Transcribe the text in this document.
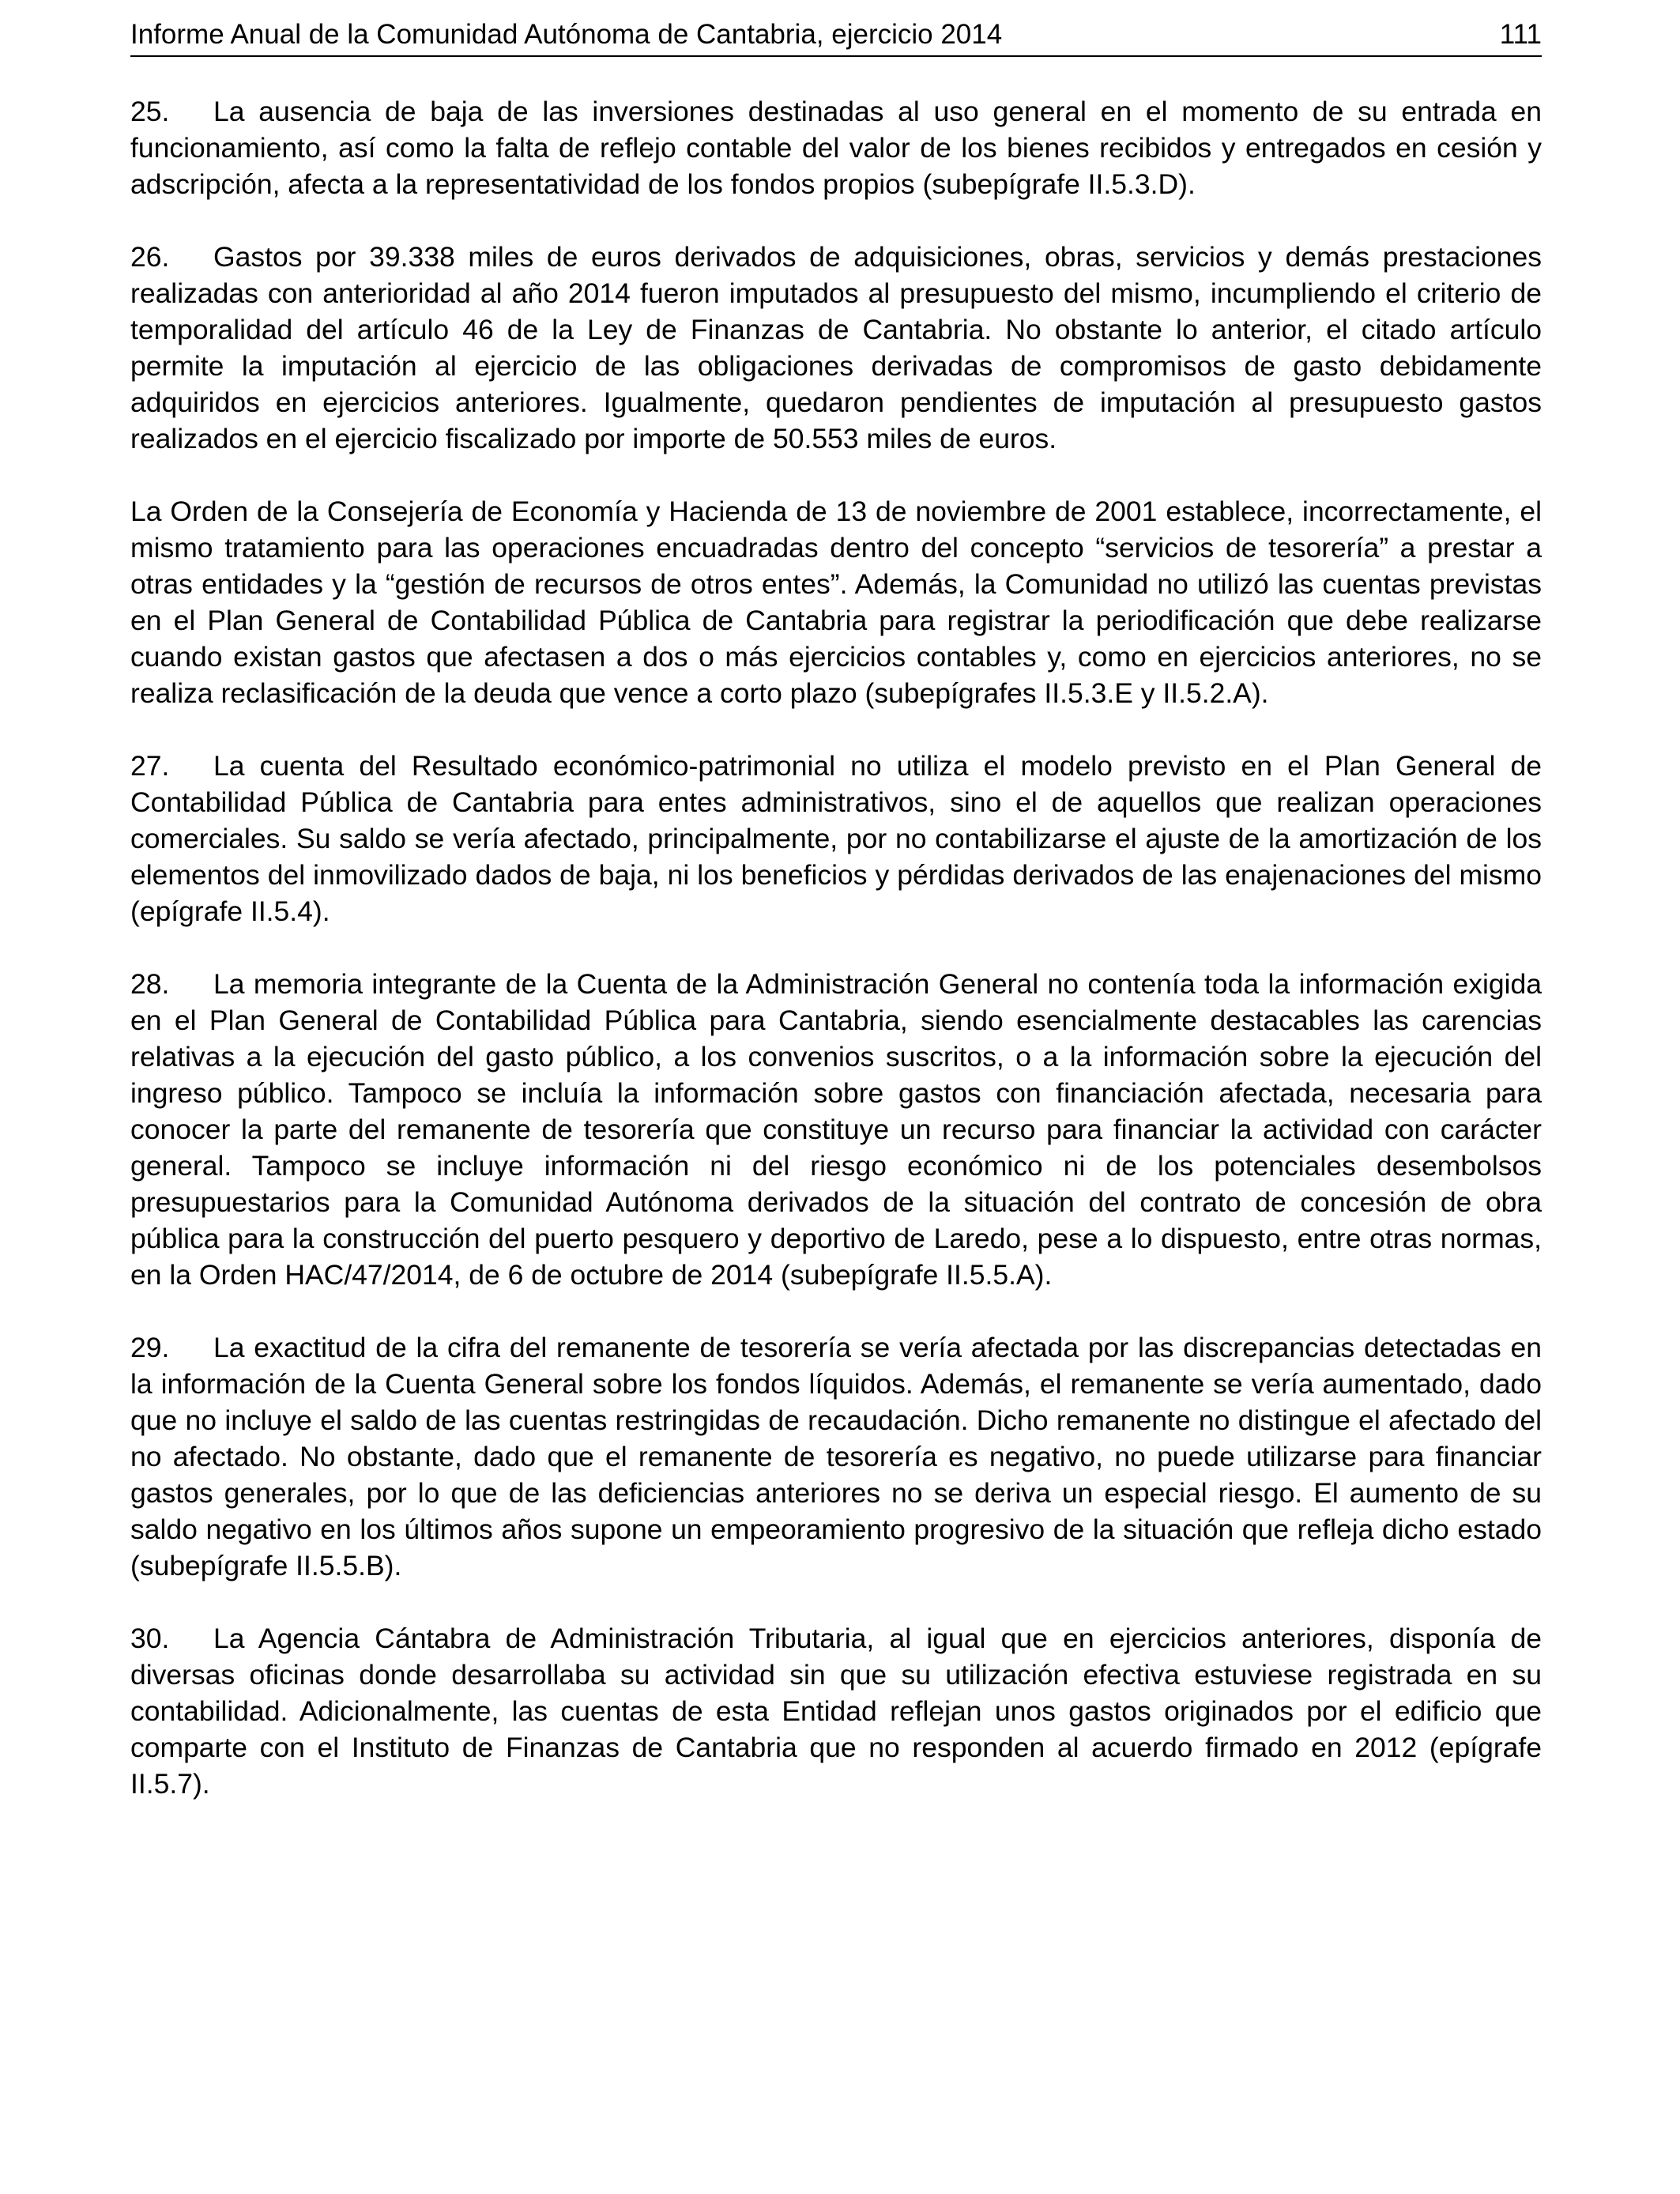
Informe Anual de la Comunidad Autónoma de Cantabria, ejercicio 2014	111

25. La ausencia de baja de las inversiones destinadas al uso general en el momento de su entrada en funcionamiento, así como la falta de reflejo contable del valor de los bienes recibidos y entregados en cesión y adscripción, afecta a la representatividad de los fondos propios (subepígrafe II.5.3.D).

26. Gastos por 39.338 miles de euros derivados de adquisiciones, obras, servicios y demás prestaciones realizadas con anterioridad al año 2014 fueron imputados al presupuesto del mismo, incumpliendo el criterio de temporalidad del artículo 46 de la Ley de Finanzas de Cantabria. No obstante lo anterior, el citado artículo permite la imputación al ejercicio de las obligaciones derivadas de compromisos de gasto debidamente adquiridos en ejercicios anteriores. Igualmente, quedaron pendientes de imputación al presupuesto gastos realizados en el ejercicio fiscalizado por importe de 50.553 miles de euros.

La Orden de la Consejería de Economía y Hacienda de 13 de noviembre de 2001 establece, incorrectamente, el mismo tratamiento para las operaciones encuadradas dentro del concepto “servicios de tesorería” a prestar a otras entidades y la “gestión de recursos de otros entes”. Además, la Comunidad no utilizó las cuentas previstas en el Plan General de Contabilidad Pública de Cantabria para registrar la periodificación que debe realizarse cuando existan gastos que afectasen a dos o más ejercicios contables y, como en ejercicios anteriores, no se realiza reclasificación de la deuda que vence a corto plazo (subepígrafes II.5.3.E y II.5.2.A).

27. La cuenta del Resultado económico-patrimonial no utiliza el modelo previsto en el Plan General de Contabilidad Pública de Cantabria para entes administrativos, sino el de aquellos que realizan operaciones comerciales. Su saldo se vería afectado, principalmente, por no contabilizarse el ajuste de la amortización de los elementos del inmovilizado dados de baja, ni los beneficios y pérdidas derivados de las enajenaciones del mismo (epígrafe II.5.4).

28. La memoria integrante de la Cuenta de la Administración General no contenía toda la información exigida en el Plan General de Contabilidad Pública para Cantabria, siendo esencialmente destacables las carencias relativas a la ejecución del gasto público, a los convenios suscritos, o a la información sobre la ejecución del ingreso público. Tampoco se incluía la información sobre gastos con financiación afectada, necesaria para conocer la parte del remanente de tesorería que constituye un recurso para financiar la actividad con carácter general. Tampoco se incluye información ni del riesgo económico ni de los potenciales desembolsos presupuestarios para la Comunidad Autónoma derivados de la situación del contrato de concesión de obra pública para la construcción del puerto pesquero y deportivo de Laredo, pese a lo dispuesto, entre otras normas, en la Orden HAC/47/2014, de 6 de octubre de 2014 (subepígrafe II.5.5.A).

29. La exactitud de la cifra del remanente de tesorería se vería afectada por las discrepancias detectadas en la información de la Cuenta General sobre los fondos líquidos. Además, el remanente se vería aumentado, dado que no incluye el saldo de las cuentas restringidas de recaudación. Dicho remanente no distingue el afectado del no afectado. No obstante, dado que el remanente de tesorería es negativo, no puede utilizarse para financiar gastos generales, por lo que de las deficiencias anteriores no se deriva un especial riesgo. El aumento de su saldo negativo en los últimos años supone un empeoramiento progresivo de la situación que refleja dicho estado (subepígrafe II.5.5.B).

30. La Agencia Cántabra de Administración Tributaria, al igual que en ejercicios anteriores, disponía de diversas oficinas donde desarrollaba su actividad sin que su utilización efectiva estuviese registrada en su contabilidad. Adicionalmente, las cuentas de esta Entidad reflejan unos gastos originados por el edificio que comparte con el Instituto de Finanzas de Cantabria que no responden al acuerdo firmado en 2012 (epígrafe II.5.7).
